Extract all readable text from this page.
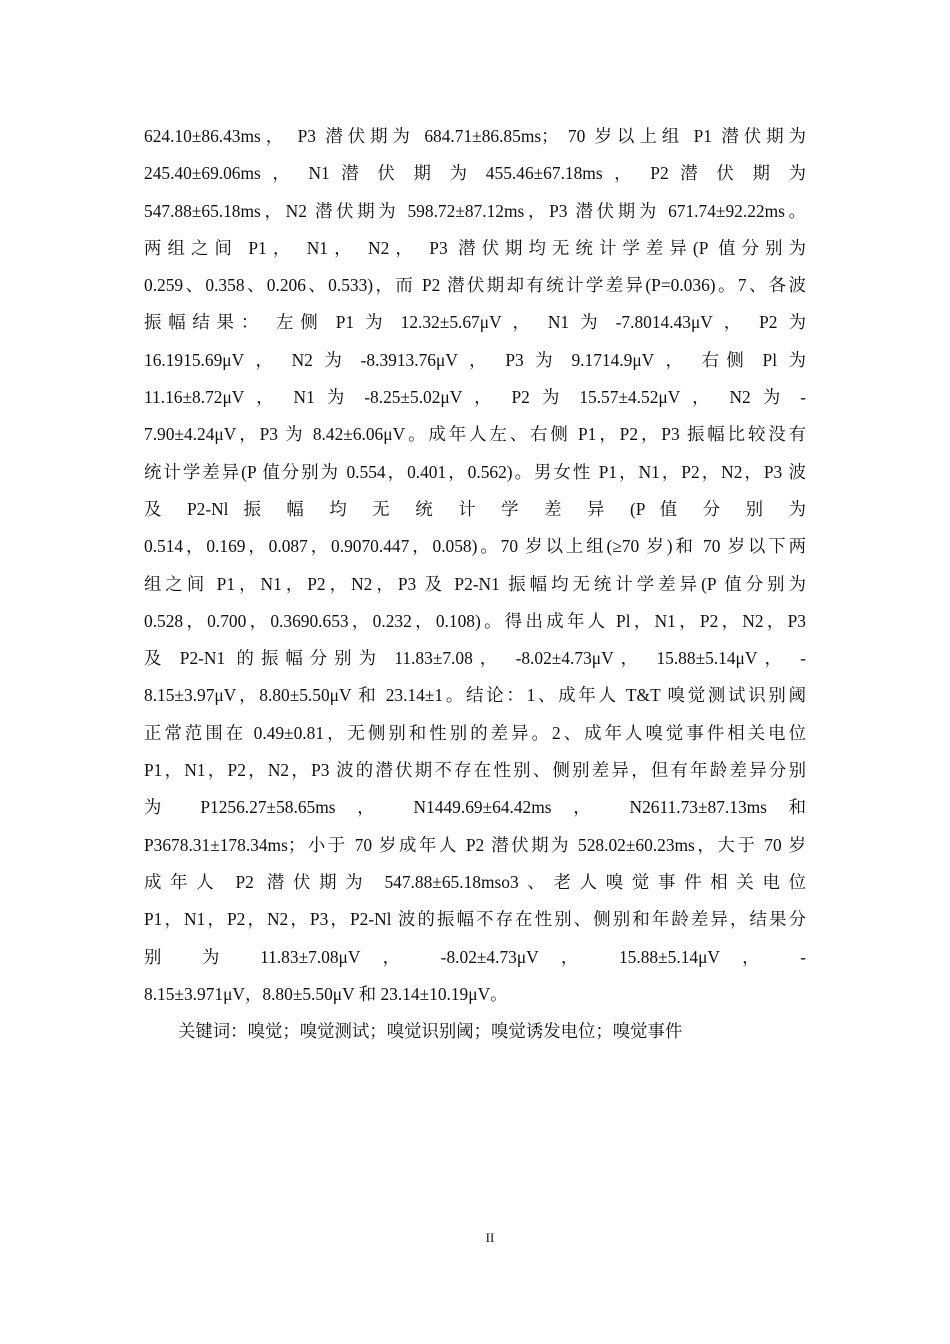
624.10±86.43ms， P3 潜伏期为 684.71±86.85ms； 70 岁以上组 P1 潜伏期为
245.40±69.06ms ， N1 潜 伏 期 为 455.46±67.18ms ， P2 潜 伏 期 为
547.88±65.18ms，N2 潜伏期为 598.72±87.12ms，P3 潜伏期为 671.74±92.22ms。
两组之间 P1， N1， N2， P3 潜伏期均无统计学差异(P 值分别为
0.259、0.358、0.206、0.533)，而 P2 潜伏期却有统计学差异(P=0.036)。7、各波
振幅结果： 左侧 P1 为 12.32±5.67μV ， N1 为 -7.8014.43μV ， P2 为
16.1915.69μV ， N2 为 -8.3913.76μV ， P3 为 9.1714.9μV ， 右侧 Pl 为
11.16±8.72μV ， N1 为 -8.25±5.02μV ， P2 为 15.57±4.52μV ， N2 为 -
7.90±4.24μV，P3 为 8.42±6.06μV。成年人左、右侧 P1，P2，P3 振幅比较没有
统计学差异(P 值分别为 0.554，0.401，0.562)。男女性 P1，N1，P2，N2，P3 波
及 P2-Nl 振 幅 均 无 统 计 学 差 异 (P 值 分 别 为
0.514，0.169，0.087，0.9070.447，0.058)。70 岁以上组(≥70 岁)和 70 岁以下两
组之间 P1，N1，P2，N2，P3 及 P2-N1 振幅均无统计学差异(P 值分别为
0.528，0.700，0.3690.653，0.232，0.108)。得出成年人 Pl，N1，P2，N2，P3
及 P2-N1 的振幅分别为 11.83±7.08， -8.02±4.73μV， 15.88±5.14μV， -
8.15±3.97μV，8.80±5.50μV 和 23.14±1。结论：1、成年人 T&T 嗅觉测试识别阈
正常范围在 0.49±0.81，无侧别和性别的差异。2、成年人嗅觉事件相关电位
P1，N1，P2，N2，P3 波的潜伏期不存在性别、侧别差异，但有年龄差异分别
为 P1256.27±58.65ms ， N1449.69±64.42ms ， N2611.73±87.13ms 和
P3678.31±178.34ms；小于 70 岁成年人 P2 潜伏期为 528.02±60.23ms，大于 70 岁
成年人 P2 潜伏期为 547.88±65.18mso3、老人嗅觉事件相关电位
P1，N1，P2，N2，P3，P2-Nl 波的振幅不存在性别、侧别和年龄差异，结果分
别 为 11.83±7.08μV ， -8.02±4.73μV ， 15.88±5.14μV ， -
8.15±3.971μV，8.80±5.50μV 和 23.14±10.19μV。
关键词：嗅觉；嗅觉测试；嗅觉识别阈；嗅觉诱发电位；嗅觉事件
II
